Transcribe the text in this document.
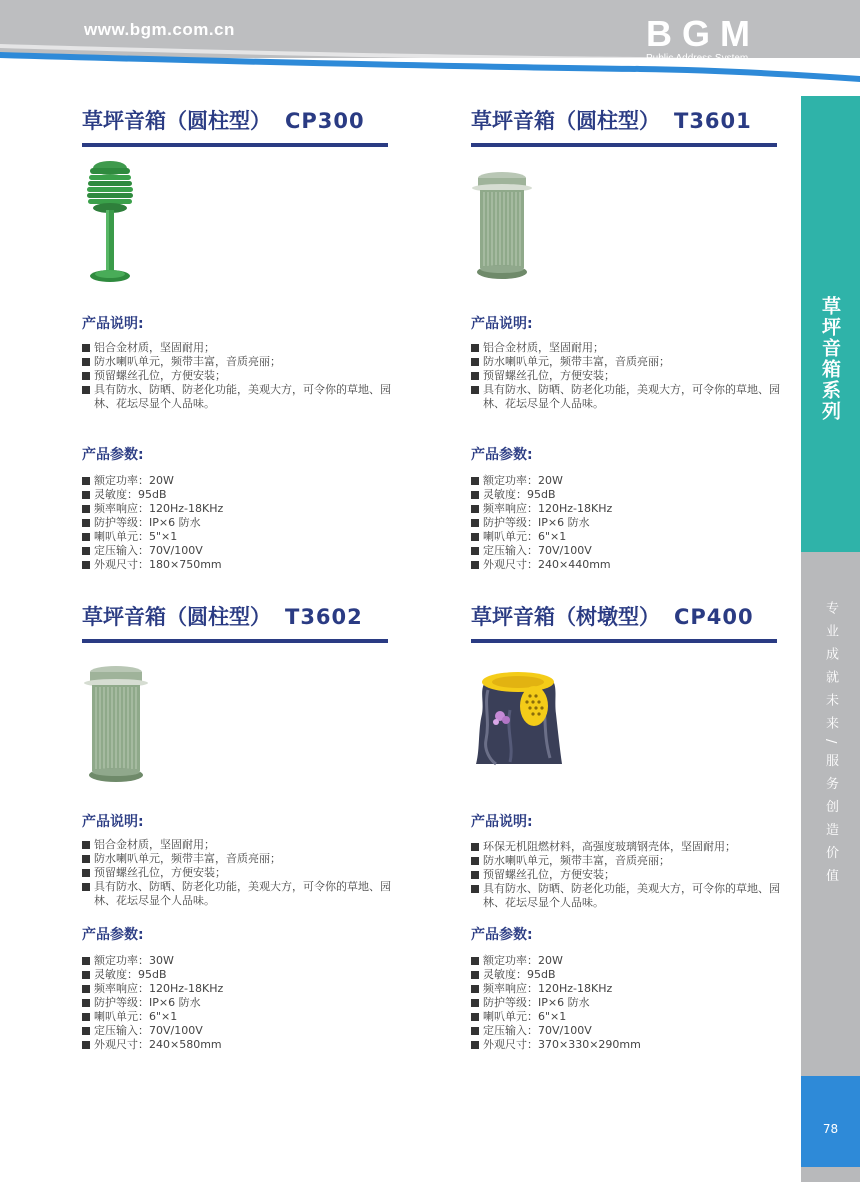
www.bgm.com.cn	BGM
Public Address System
草坪音箱系列
专业成就未来/服务创造价值
78
草坪音箱（圆柱型） CP300
产品说明:
铝合金材质，坚固耐用；
防水喇叭单元，频带丰富，音质亮丽；
预留螺丝孔位，方便安装；
具有防水、防晒、防老化功能，美观大方，可令你的草地、园林、花坛尽显个人品味。
产品参数:
额定功率：20W
灵敏度：95dB
频率响应：120Hz-18KHz
防护等级：IP×6 防水
喇叭单元：5"×1
定压输入：70V/100V
外观尺寸：180×750mm
草坪音箱（圆柱型） T3601
产品说明:
铝合金材质，坚固耐用；
防水喇叭单元，频带丰富，音质亮丽；
预留螺丝孔位，方便安装；
具有防水、防晒、防老化功能，美观大方，可令你的草地、园林、花坛尽显个人品味。
产品参数:
额定功率：20W
灵敏度：95dB
频率响应：120Hz-18KHz
防护等级：IP×6 防水
喇叭单元：6"×1
定压输入：70V/100V
外观尺寸：240×440mm
草坪音箱（圆柱型） T3602
产品说明:
铝合金材质，坚固耐用；
防水喇叭单元，频带丰富，音质亮丽；
预留螺丝孔位，方便安装；
具有防水、防晒、防老化功能，美观大方，可令你的草地、园林、花坛尽显个人品味。
产品参数:
额定功率：30W
灵敏度：95dB
频率响应：120Hz-18KHz
防护等级：IP×6 防水
喇叭单元：6"×1
定压输入：70V/100V
外观尺寸：240×580mm
草坪音箱（树墩型） CP400
产品说明:
环保无机阻燃材料，高强度玻璃钢壳体，坚固耐用；
防水喇叭单元，频带丰富，音质亮丽；
预留螺丝孔位，方便安装；
具有防水、防晒、防老化功能，美观大方，可令你的草地、园林、花坛尽显个人品味。
产品参数:
额定功率：20W
灵敏度：95dB
频率响应：120Hz-18KHz
防护等级：IP×6 防水
喇叭单元：6"×1
定压输入：70V/100V
外观尺寸：370×330×290mm
